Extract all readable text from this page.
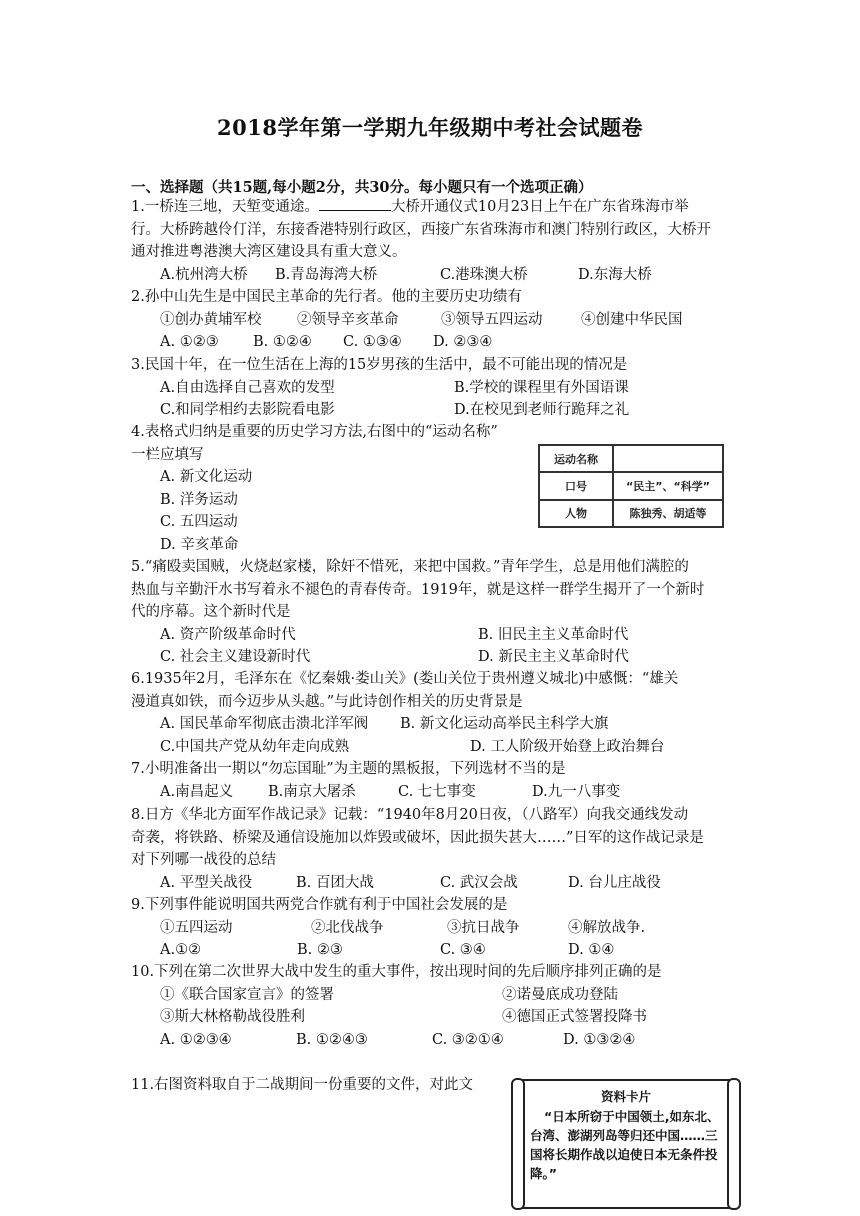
2018学年第一学期九年级期中考社会试题卷
一、选择题（共15题,每小题2分，共30分。每小题只有一个选项正确）
1.一桥连三地，天堑变通途。	大桥开通仪式10月23日上午在广东省珠海市举
行。大桥跨越伶仃洋，东接香港特别行政区，西接广东省珠海市和澳门特别行政区，大桥开
通对推进粤港澳大湾区建设具有重大意义。
A.杭州湾大桥 B.青岛海湾大桥	C.港珠澳大桥	D.东海大桥
2.孙中山先生是中国民主革命的先行者。他的主要历史功绩有
①创办黄埔军校 ②领导辛亥革命	③领导五四运动	④创建中华民国
A. ①②③ B. ①②④ C. ①③④ D. ②③④
3.民国十年，在一位生活在上海的15岁男孩的生活中，最不可能出现的情况是
A.自由选择自己喜欢的发型	B.学校的课程里有外国语课
C.和同学相约去影院看电影	D.在校见到老师行跪拜之礼
4.表格式归纳是重要的历史学习方法,右图中的“运动名称”
一栏应填写
A. 新文化运动
B. 洋务运动
C. 五四运动
D. 辛亥革命
运动名称	
口号	“民主”、“科学”
人物	陈独秀、胡适等
5.“痛殴卖国贼，火烧赵家楼，除奸不惜死，来把中国救。”青年学生，总是用他们满腔的
热血与辛勤汗水书写着永不褪色的青春传奇。1919年，就是这样一群学生揭开了一个新时
代的序幕。这个新时代是
A. 资产阶级革命时代	B. 旧民主主义革命时代
C. 社会主义建设新时代	D. 新民主主义革命时代
6.1935年2月，毛泽东在《忆秦娥·娄山关》(娄山关位于贵州遵义城北)中感慨：“雄关
漫道真如铁，而今迈步从头越。”与此诗创作相关的历史背景是
A. 国民革命军彻底击溃北洋军阀 B. 新文化运动高举民主科学大旗
C.中国共产党从幼年走向成熟	D. 工人阶级开始登上政治舞台
7.小明准备出一期以“勿忘国耻”为主题的黑板报，下列选材不当的是
A.南昌起义 B.南京大屠杀	C. 七七事变	D.九一八事变
8.日方《华北方面军作战记录》记载：“1940年8月20日夜，（八路军）向我交通线发动
奇袭，将铁路、桥梁及通信设施加以炸毁或破坏，因此损失甚大……”日军的这作战记录是
对下列哪一战役的总结
A. 平型关战役	B. 百团大战	C. 武汉会战	D. 台儿庄战役
9.下列事件能说明国共两党合作就有利于中国社会发展的是
①五四运动	②北伐战争	③抗日战争	④解放战争.
A.①②	B. ②③	C. ③④	D. ①④
10.下列在第二次世界大战中发生的重大事件，按出现时间的先后顺序排列正确的是
①《联合国家宣言》的签署	②诺曼底成功登陆
③斯大林格勒战役胜利	④德国正式签署投降书
A. ①②③④	B. ①②④③	C. ③②①④	D. ①③②④
11.右图资料取自于二战期间一份重要的文件，对此文
资料卡片
“日本所窃于中国领土,如东北、台湾、澎湖列岛等归还中国……三国将长期作战以迫使日本无条件投降。”
